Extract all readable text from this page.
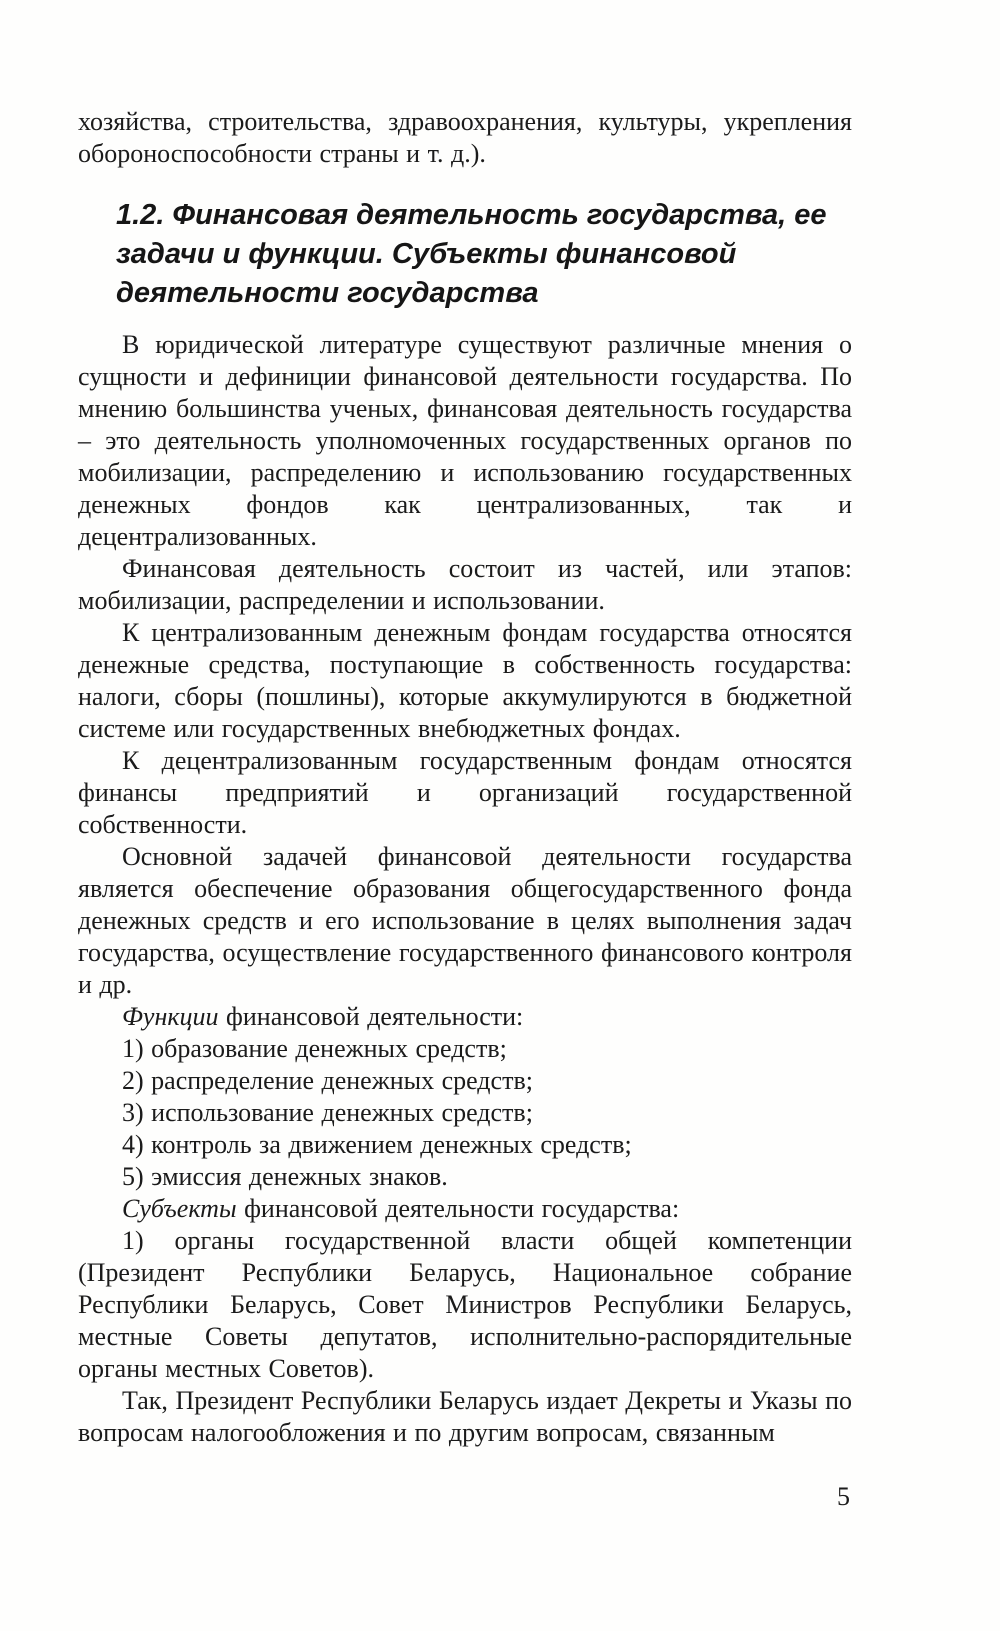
хозяйства, строительства, здравоохранения, культуры, укрепления обороноспособности страны и т. д.).

1.2. Финансовая деятельность государства, ее задачи и функции. Субъекты финансовой деятельности государства

В юридической литературе существуют различные мнения о сущности и дефиниции финансовой деятельности государства. По мнению большинства ученых, финансовая деятельность государства – это деятельность уполномоченных государственных органов по мобилизации, распределению и использованию государственных денежных фондов как централизованных, так и децентрализованных.

Финансовая деятельность состоит из частей, или этапов: мобилизации, распределении и использовании.

К централизованным денежным фондам государства относятся денежные средства, поступающие в собственность государства: налоги, сборы (пошлины), которые аккумулируются в бюджетной системе или государственных внебюджетных фондах.

К децентрализованным государственным фондам относятся финансы предприятий и организаций государственной собственности.

Основной задачей финансовой деятельности государства является обеспечение образования общегосударственного фонда денежных средств и его использование в целях выполнения задач государства, осуществление государственного финансового контроля и др.

Функции финансовой деятельности:

1) образование денежных средств;

2) распределение денежных средств;

3) использование денежных средств;

4) контроль за движением денежных средств;

5) эмиссия денежных знаков.

Субъекты финансовой деятельности государства:

1) органы государственной власти общей компетенции (Президент Республики Беларусь, Национальное собрание Республики Беларусь, Совет Министров Республики Беларусь, местные Советы депутатов, исполнительно-распорядительные органы местных Советов).

Так, Президент Республики Беларусь издает Декреты и Указы по вопросам налогообложения и по другим вопросам, связанным

5
